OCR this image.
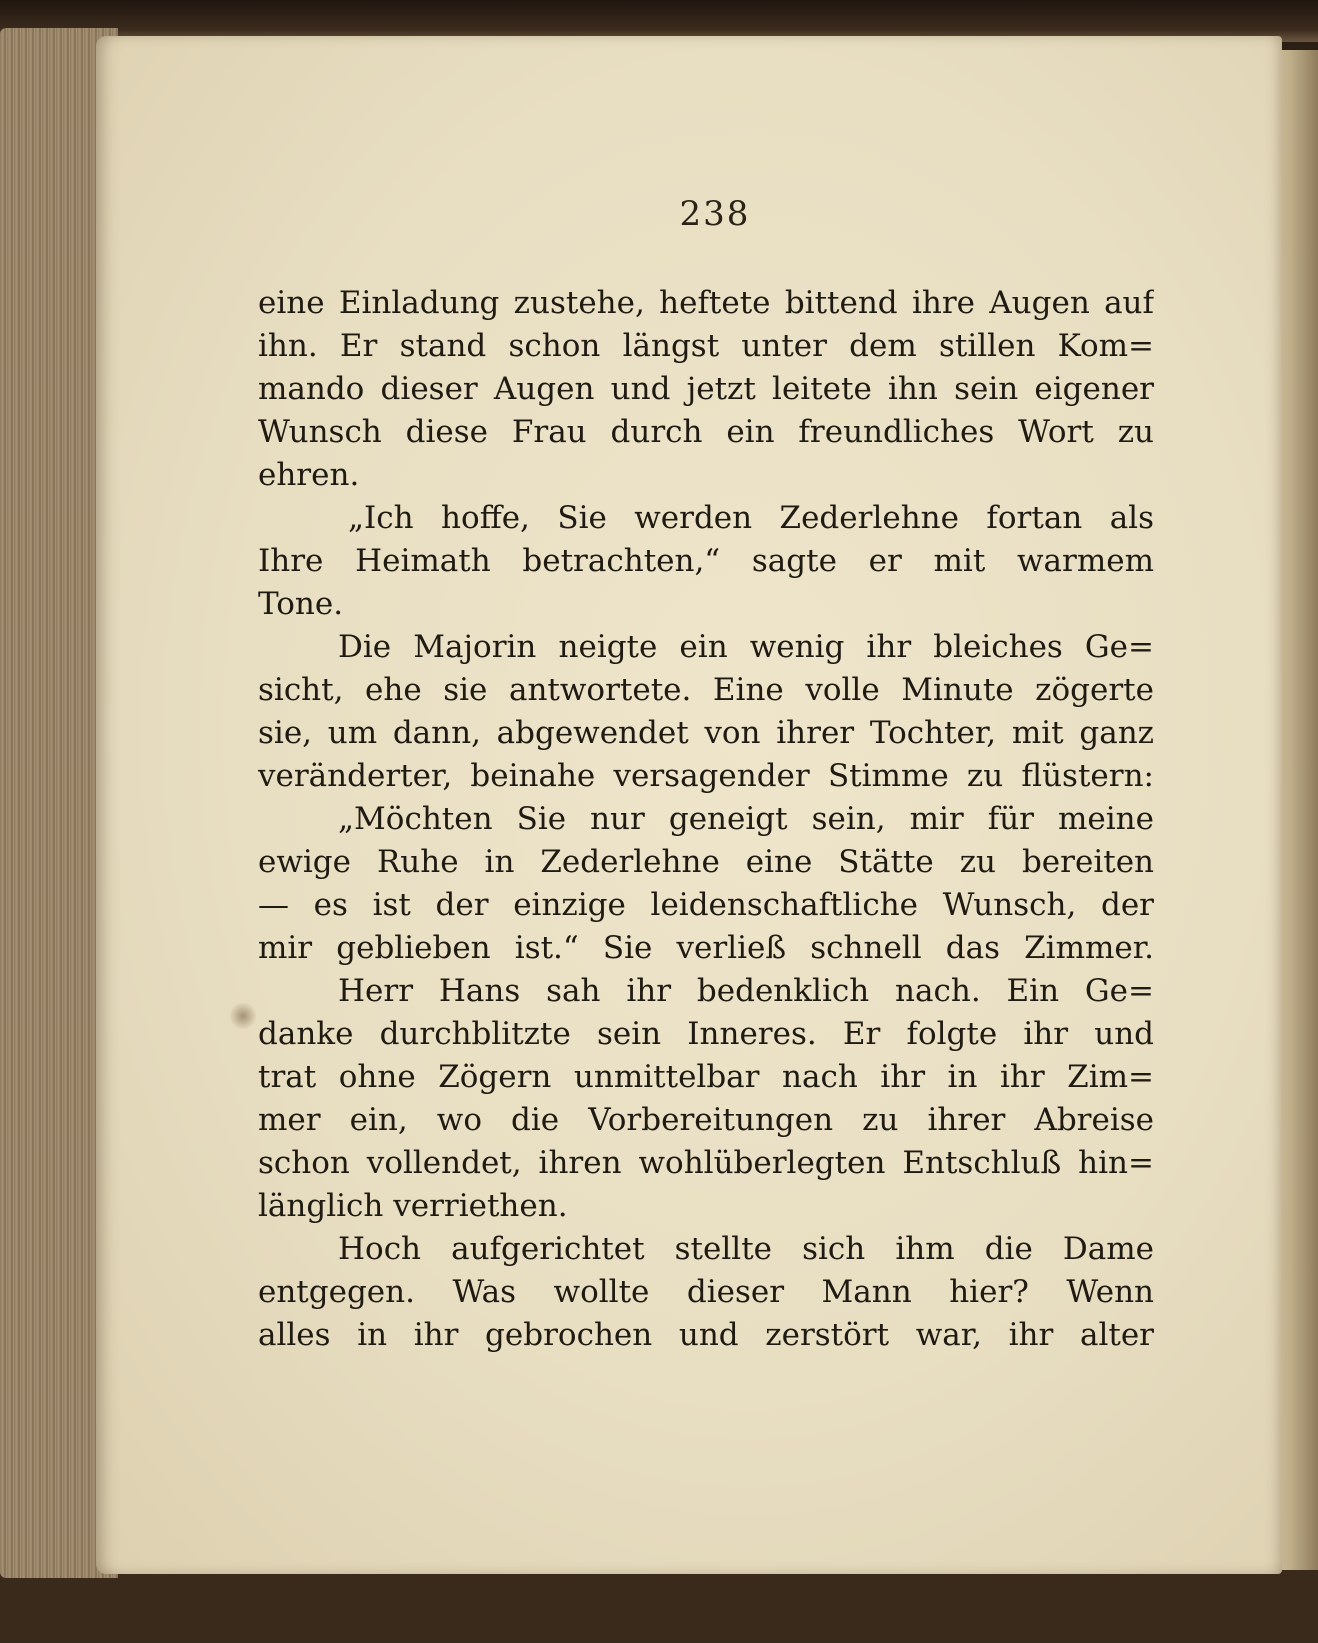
238
eine Einladung zustehe, heftete bittend ihre Augen auf
ihn. Er stand schon längst unter dem stillen Kom=
mando dieser Augen und jetzt leitete ihn sein eigener
Wunsch diese Frau durch ein freundliches Wort zu
ehren.
„Ich hoffe, Sie werden Zederlehne fortan als
Ihre Heimath betrachten,“ sagte er mit warmem
Tone.
Die Majorin neigte ein wenig ihr bleiches Ge=
sicht, ehe sie antwortete. Eine volle Minute zögerte
sie, um dann, abgewendet von ihrer Tochter, mit ganz
veränderter, beinahe versagender Stimme zu flüstern:
„Möchten Sie nur geneigt sein, mir für meine
ewige Ruhe in Zederlehne eine Stätte zu bereiten
— es ist der einzige leidenschaftliche Wunsch, der
mir geblieben ist.“ Sie verließ schnell das Zimmer.
Herr Hans sah ihr bedenklich nach. Ein Ge=
danke durchblitzte sein Inneres. Er folgte ihr und
trat ohne Zögern unmittelbar nach ihr in ihr Zim=
mer ein, wo die Vorbereitungen zu ihrer Abreise
schon vollendet, ihren wohlüberlegten Entschluß hin=
länglich verriethen.
Hoch aufgerichtet stellte sich ihm die Dame
entgegen. Was wollte dieser Mann hier? Wenn
alles in ihr gebrochen und zerstört war, ihr alter
